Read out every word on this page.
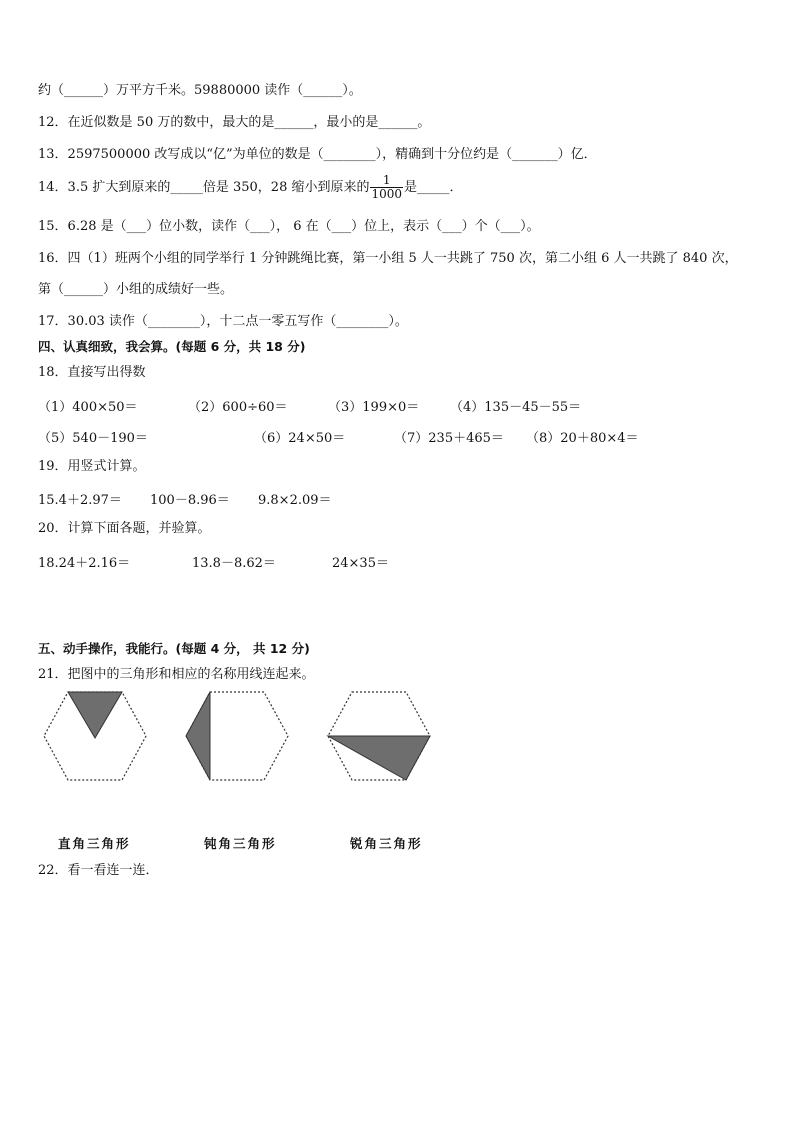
约（______）万平方千米。59880000 读作（______）。
12．在近似数是 50 万的数中，最大的是______，最小的是______。
13．2597500000 改写成以“亿”为单位的数是（________），精确到十分位约是（_______）亿．
14．3.5 扩大到原来的_____倍是 350，28 缩小到原来的 $\frac{1}{1000}$ 是_____．
15．6.28 是（___）位小数，读作（___）， 6 在（___）位上，表示（___）个（___）。
16．四（1）班两个小组的同学举行 1 分钟跳绳比赛，第一小组 5 人一共跳了 750 次，第二小组 6 人一共跳了 840 次，
第（______）小组的成绩好一些。
17．30.03 读作（________），十二点一零五写作（________）。
四、认真细致，我会算。(每题 6 分，共 18 分)
18．直接写出得数
（1）400×50＝	（2）600÷60＝	（3）199×0＝ （4）135－45－55＝
（5）540－190＝	（6）24×50＝	（7）235＋465＝ （8）20＋80×4＝
19．用竖式计算。
15.4＋2.97＝ 100－8.96＝ 9.8×2.09＝
20．计算下面各题，并验算。
18.24＋2.16＝	13.8－8.62＝	24×35＝
五、动手操作，我能行。(每题 4 分， 共 12 分)
21．把图中的三角形和相应的名称用线连起来。
直角三角形	钝角三角形	锐角三角形
22．看一看连一连．
